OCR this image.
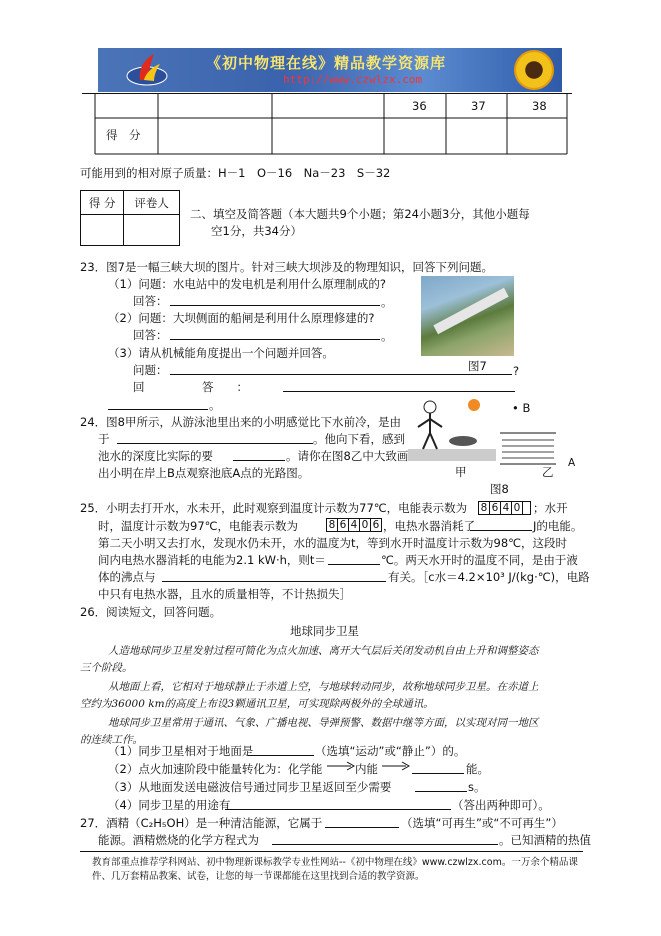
《初中物理在线》精品教学资源库
http://www.czwlzx.com
36	37	38
得　分
可能用到的相对原子质量：H－1　O－16　Na－23　S－32
得 分	评卷人

二、填空及简答题（本大题共9个小题；第24小题3分，其他小题每
空1分，共34分）
23．图7是一幅三峡大坝的图片。针对三峡大坝涉及的物理知识，回答下列问题。
（1）问题：水电站中的发电机是利用什么原理制成的?
回答：	。
（2）问题：大坝侧面的船闸是利用什么原理修建的?
回答：	。
（3）请从机械能角度提出一个问题并回答。
问题：	?
回　　　　　答　　：
。
图7
24．图8甲所示，从游泳池里出来的小明感觉比下水前冷，是由
于	。他向下看，感到
池水的深度比实际的要	。请你在图8乙中大致画
出小明在岸上B点观察池底A点的光路图。
• B
A
甲	乙
图8
25．小明去打开水，水未开，此时观察到温度计示数为77℃，电能表示数为 8 6 4 0 ；水开
时，温度计示数为97℃，电能表示数为	8 6 4 0 6 ，电热水器消耗了	J的电能。
第二天小明又去打水，发现水仍未开，水的温度为t，等到水开时温度计示数为98℃，这段时
间内电热水器消耗的电能为2.1 kW·h，则t＝	℃。两天水开时的温度不同，是由于液
体的沸点与	有关。［c水＝4.2×10³ J/(kg·℃)，电路
中只有电热水器，且水的质量相等，不计热损失］
26．阅读短文，回答问题。
地球同步卫星
人造地球同步卫星发射过程可简化为点火加速、离开大气层后关闭发动机自由上升和调整姿态
三个阶段。
从地面上看，它相对于地球静止于赤道上空，与地球转动同步，故称地球同步卫星。在赤道上
空约为36000 km的高度上布设3颗通讯卫星，可实现除两极外的全球通讯。
地球同步卫星常用于通讯、气象、广播电视、导弹预警、数据中继等方面，以实现对同一地区
的连续工作。
（1）同步卫星相对于地面是	（选填“运动”或“静止”）的。
（2）点火加速阶段中能量转化为：化学能	内能	能。
（3）从地面发送电磁波信号通过同步卫星返回至少需要	s。
（4）同步卫星的用途有	（答出两种即可）。
27．酒精（C₂H₅OH）是一种清洁能源，它属于	（选填“可再生”或“不可再生”）
能源。酒精燃烧的化学方程式为	。已知酒精的热值
教育部重点推荐学科网站、初中物理新课标教学专业性网站--《初中物理在线》www.czwlzx.com。一万余个精品课
件、几万套精品教案、试卷，让您的每一节课都能在这里找到合适的教学资源。
